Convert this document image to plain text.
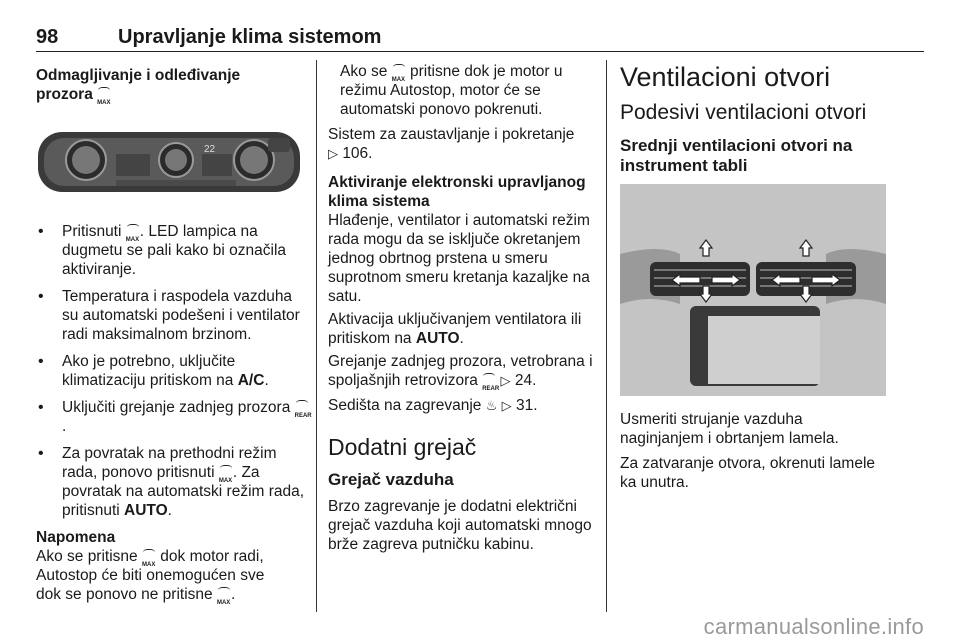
98	Upravljanje klima sistemom
Odmagljivanje i odleđivanje
prozora MAX
22
• Pritisnuti MAX . LED lampica na dugmetu se pali kako bi označila aktiviranje.
• Temperatura i raspodela vazduha su automatski podešeni i ventilator radi maksimalnom brzinom.
• Ako je potrebno, uključite klimatizaciju pritiskom na A/C.
• Uključiti grejanje zadnjeg prozora REAR
.
• Za povratak na prethodni režim rada, ponovo pritisnuti MAX . Za povratak na automatski režim rada, pritisnuti AUTO.
Napomena

Ako se pritisne MAX dok motor radi,
Autostop će biti onemogućen sve
dok se ponovo ne pritisne MAX .

Ako se MAX pritisne dok je motor u režimu Autostop, motor će se automatski ponovo pokrenuti.

Sistem za zaustavljanje i pokretanje
▷ 106.

Aktiviranje elektronski upravljanog klima sistema

Hlađenje, ventilator i automatski režim rada mogu da se isključe okretanjem jednog obrtnog prstena u smeru suprotnom smeru kretanja kazaljke na satu.

Aktivacija uključivanjem ventilatora ili pritiskom na AUTO.

Grejanje zadnjeg prozora, vetrobrana i spoljašnjih retrovizora REAR
▷ 24.

Sedišta na zagrevanje ♨ ▷ 31.

Dodatni grejač
Grejač vazduha

Brzo zagrevanje je dodatni električni grejač vazduha koji automatski mnogo brže zagreva putničku kabinu.

Ventilacioni otvori
Podesivi ventilacioni otvori
Srednji ventilacioni otvori na instrument tabli

Usmeriti strujanje vazduha naginjanjem i obrtanjem lamela.

Za zatvaranje otvora, okrenuti lamele ka unutra.

carmanualsonline.info
